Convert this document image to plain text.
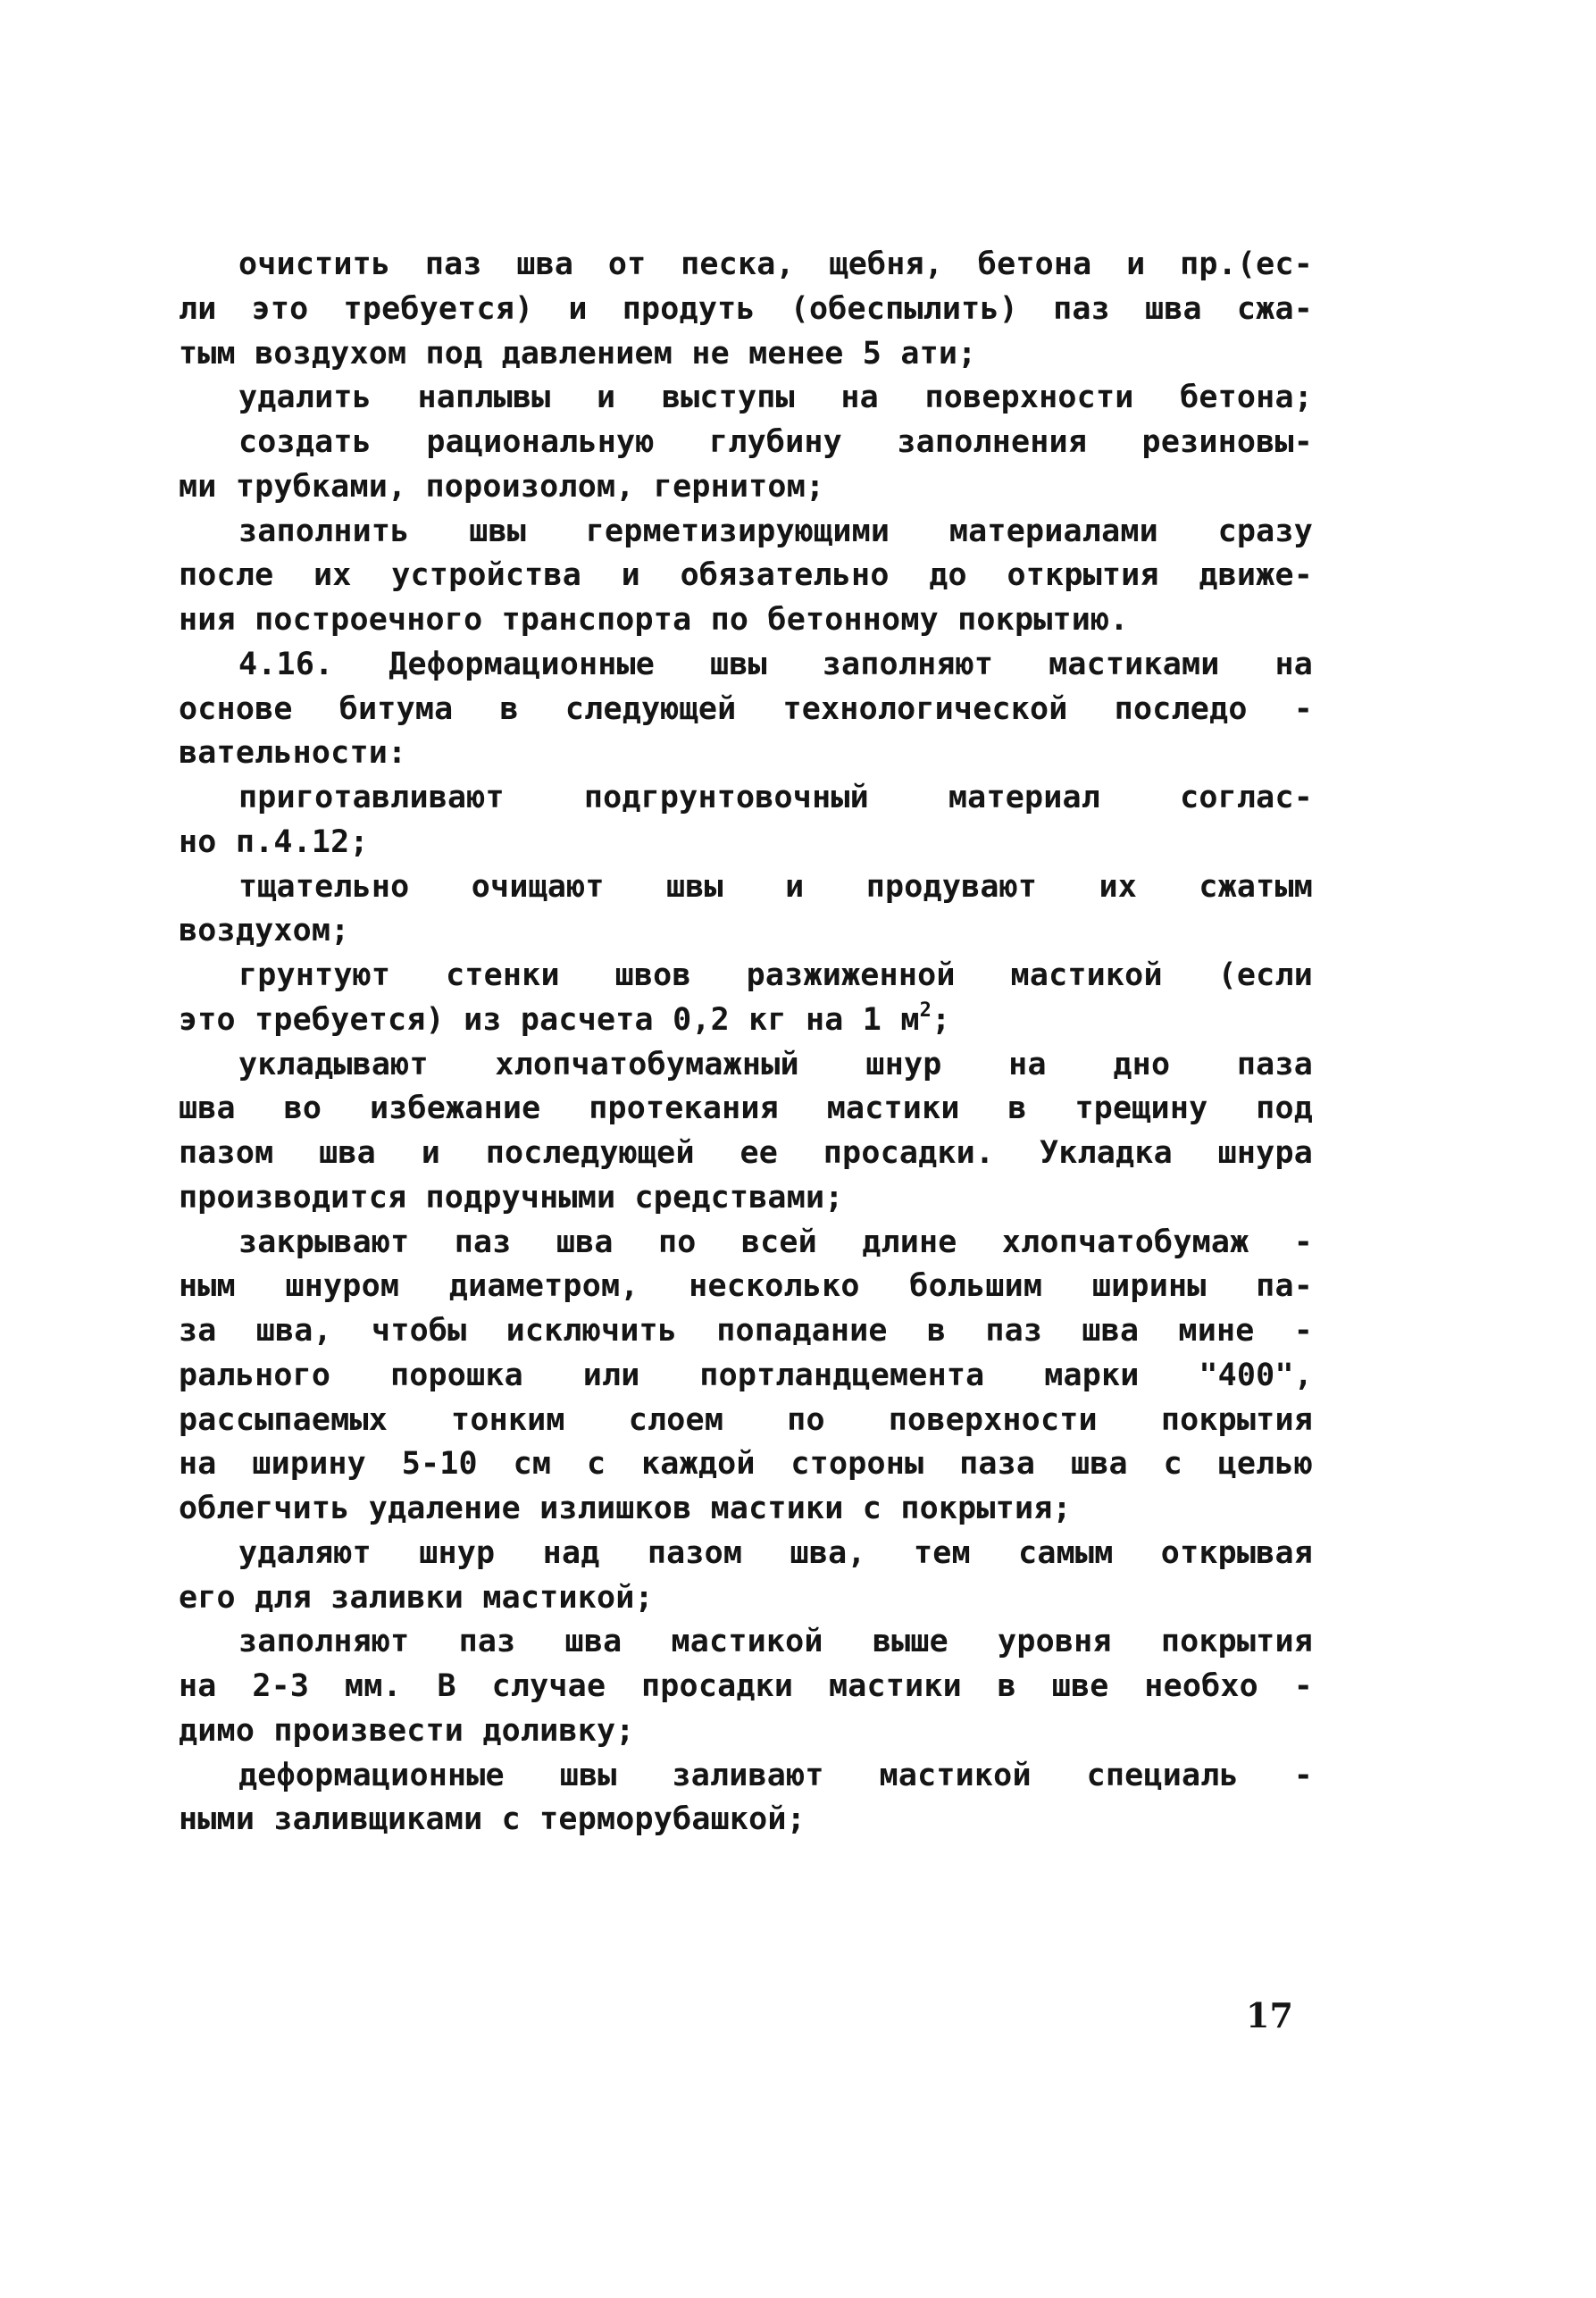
очистить паз шва от песка, щебня, бетона и пр.(ес-
ли это требуется) и продуть (обеспылить) паз шва сжа-
тым воздухом под давлением не менее 5 ати;
удалить наплывы и выступы на поверхности бетона;
создать рациональную глубину заполнения резиновы-
ми трубками, пороизолом, гернитом;
заполнить швы герметизирующими материалами сразу
после их устройства и обязательно до открытия движе-
ния построечного транспорта по бетонному покрытию.
4.16. Деформационные швы заполняют мастиками на
основе битума в следующей технологической последо -
вательности:
приготавливают подгрунтовочный материал соглас-
но п.4.12;
тщательно очищают швы и продувают их сжатым
воздухом;
грунтуют стенки швов разжиженной мастикой (если
это требуется) из расчета 0,2 кг на 1 $м^2$;
укладывают хлопчатобумажный шнур на дно паза
шва во избежание протекания мастики в трещину под
пазом шва и последующей ее просадки. Укладка шнура
производится подручными средствами;
закрывают паз шва по всей длине хлопчатобумаж -
ным шнуром диаметром, несколько большим ширины па-
за шва, чтобы исключить попадание в паз шва мине -
рального порошка или портландцемента марки "400",
рассыпаемых тонким слоем по поверхности покрытия
на ширину 5-10 см с каждой стороны паза шва с целью
облегчить удаление излишков мастики с покрытия;
удаляют шнур над пазом шва, тем самым открывая
его для заливки мастикой;
заполняют паз шва мастикой выше уровня покрытия
на 2-3 мм. В случае просадки мастики в шве необхо -
димо произвести доливку;
деформационные швы заливают мастикой специаль -
ными заливщиками с терморубашкой;
17
